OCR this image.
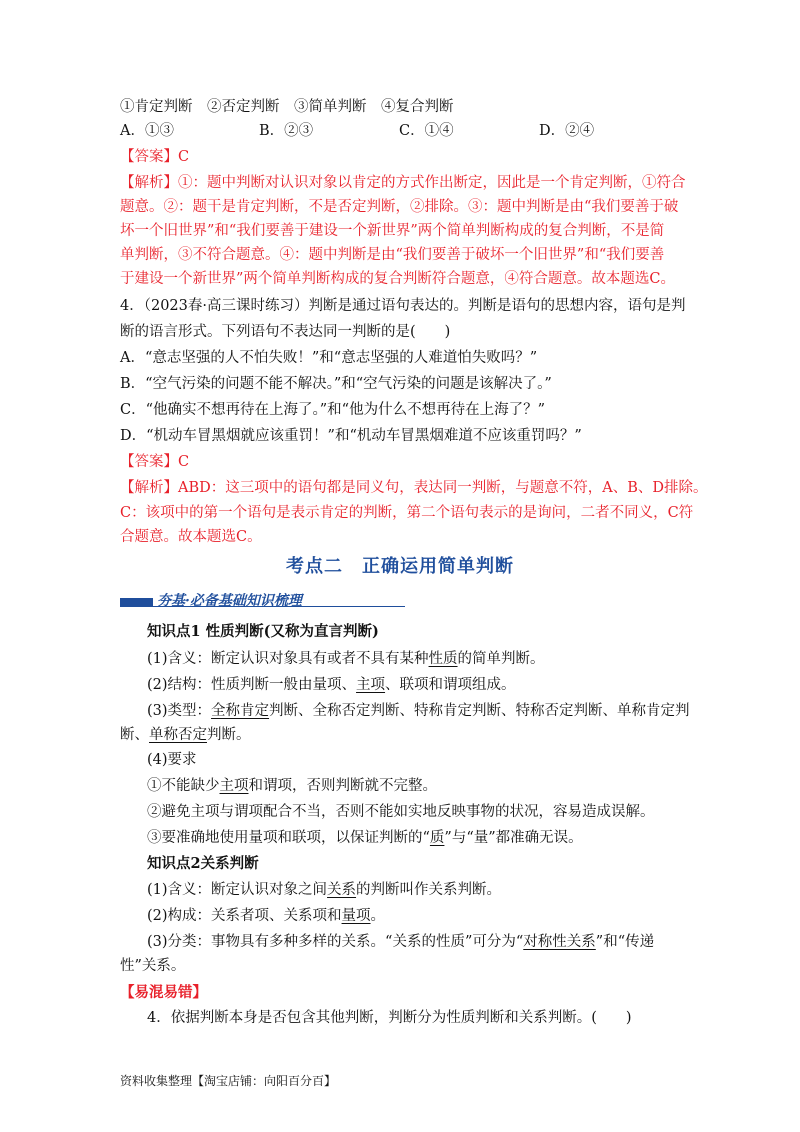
①肯定判断　②否定判断　③简单判断　④复合判断
A．①③	B．②③	C．①④	D．②④
【答案】C
【解析】①：题中判断对认识对象以肯定的方式作出断定，因此是一个肯定判断，①符合
题意。②：题干是肯定判断，不是否定判断，②排除。③：题中判断是由“我们要善于破
坏一个旧世界”和“我们要善于建设一个新世界”两个简单判断构成的复合判断，不是简
单判断，③不符合题意。④：题中判断是由“我们要善于破坏一个旧世界”和“我们要善
于建设一个新世界”两个简单判断构成的复合判断符合题意，④符合题意。故本题选C。
4．（2023春·高三课时练习）判断是通过语句表达的。判断是语句的思想内容，语句是判
断的语言形式。下列语句不表达同一判断的是(　　)
A．“意志坚强的人不怕失败！”和“意志坚强的人难道怕失败吗？”
B．“空气污染的问题不能不解决。”和“空气污染的问题是该解决了。”
C．“他确实不想再待在上海了。”和“他为什么不想再待在上海了？”
D．“机动车冒黑烟就应该重罚！”和“机动车冒黑烟难道不应该重罚吗？”
【答案】C
【解析】ABD：这三项中的语句都是同义句，表达同一判断，与题意不符，A、B、D排除。
C：该项中的第一个语句是表示肯定的判断，第二个语句表示的是询问，二者不同义，C符
合题意。故本题选C。
考点二　正确运用简单判断
夯基·必备基础知识梳理
知识点1 性质判断(又称为直言判断)
(1)含义：断定认识对象具有或者不具有某种性质的简单判断。
(2)结构：性质判断一般由量项、主项、联项和谓项组成。
(3)类型：全称肯定判断、全称否定判断、特称肯定判断、特称否定判断、单称肯定判
断、单称否定判断。
(4)要求
①不能缺少主项和谓项，否则判断就不完整。
②避免主项与谓项配合不当，否则不能如实地反映事物的状况，容易造成误解。
③要准确地使用量项和联项，以保证判断的“质”与“量”都准确无误。
知识点2关系判断
(1)含义：断定认识对象之间关系的判断叫作关系判断。
(2)构成：关系者项、关系项和量项。
(3)分类：事物具有多种多样的关系。“关系的性质”可分为“对称性关系”和“传递
性”关系。
【易混易错】
4．依据判断本身是否包含其他判断，判断分为性质判断和关系判断。(　　)
资料收集整理【淘宝店铺：向阳百分百】
